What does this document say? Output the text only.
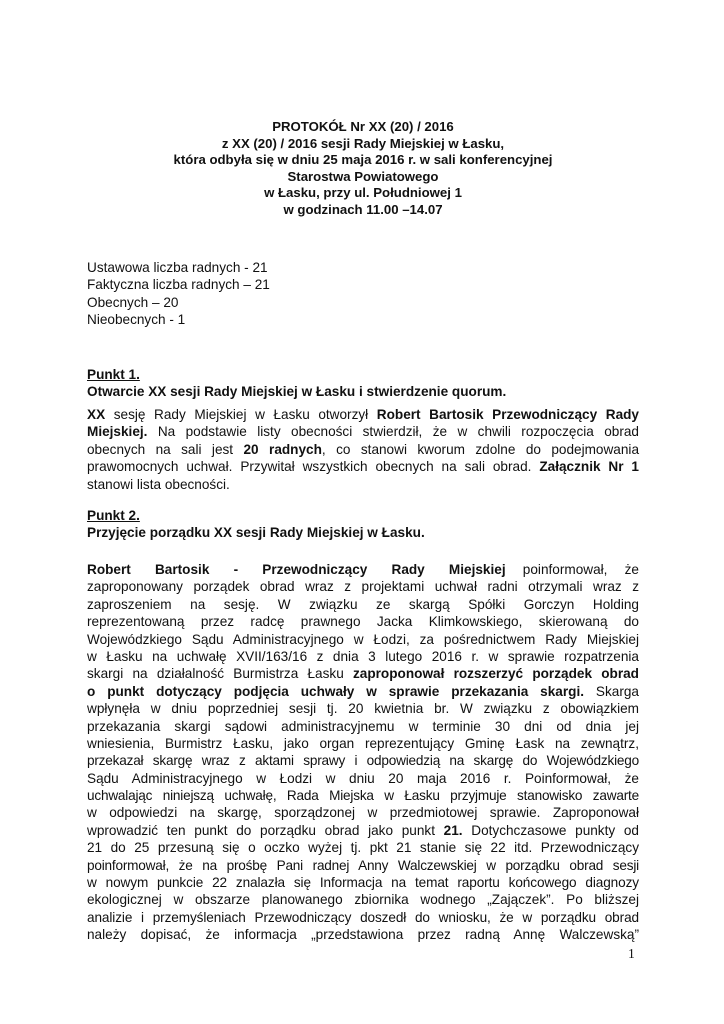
PROTOKÓŁ Nr XX (20) / 2016
z XX (20) / 2016 sesji Rady Miejskiej w Łasku,
która odbyła się w dniu 25 maja 2016 r. w sali konferencyjnej
Starostwa Powiatowego
w Łasku, przy ul. Południowej 1
w godzinach 11.00 –14.07
Ustawowa liczba radnych - 21
Faktyczna liczba radnych – 21
Obecnych – 20
Nieobecnych - 1
Punkt 1.
Otwarcie XX sesji Rady Miejskiej w Łasku i stwierdzenie quorum.
XX sesję Rady Miejskiej w Łasku otworzył Robert Bartosik Przewodniczący Rady
Miejskiej. Na podstawie listy obecności stwierdził, że w chwili rozpoczęcia obrad
obecnych na sali jest 20 radnych, co stanowi kworum zdolne do podejmowania
prawomocnych uchwał. Przywitał wszystkich obecnych na sali obrad. Załącznik Nr 1
stanowi lista obecności.
Punkt 2.
Przyjęcie porządku XX sesji Rady Miejskiej w Łasku.
Robert Bartosik - Przewodniczący Rady Miejskiej poinformował, że
zaproponowany porządek obrad wraz z projektami uchwał radni otrzymali wraz z
zaproszeniem na sesję. W związku ze skargą Spółki Gorczyn Holding
reprezentowaną przez radcę prawnego Jacka Klimkowskiego, skierowaną do
Wojewódzkiego Sądu Administracyjnego w Łodzi, za pośrednictwem Rady Miejskiej
w Łasku na uchwałę XVII/163/16 z dnia 3 lutego 2016 r. w sprawie rozpatrzenia
skargi na działalność Burmistrza Łasku zaproponował rozszerzyć porządek obrad
o punkt dotyczący podjęcia uchwały w sprawie przekazania skargi. Skarga
wpłynęła w dniu poprzedniej sesji tj. 20 kwietnia br. W związku z obowiązkiem
przekazania skargi sądowi administracyjnemu w terminie 30 dni od dnia jej
wniesienia, Burmistrz Łasku, jako organ reprezentujący Gminę Łask na zewnątrz,
przekazał skargę wraz z aktami sprawy i odpowiedzią na skargę do Wojewódzkiego
Sądu Administracyjnego w Łodzi w dniu 20 maja 2016 r. Poinformował, że
uchwalając niniejszą uchwałę, Rada Miejska w Łasku przyjmuje stanowisko zawarte
w odpowiedzi na skargę, sporządzonej w przedmiotowej sprawie. Zaproponował
wprowadzić ten punkt do porządku obrad jako punkt 21. Dotychczasowe punkty od
21 do 25 przesuną się o oczko wyżej tj. pkt 21 stanie się 22 itd. Przewodniczący
poinformował, że na prośbę Pani radnej Anny Walczewskiej w porządku obrad sesji
w nowym punkcie 22 znalazła się Informacja na temat raportu końcowego diagnozy
ekologicznej w obszarze planowanego zbiornika wodnego „Zajączek”. Po bliższej
analizie i przemyśleniach Przewodniczący doszedł do wniosku, że w porządku obrad
należy dopisać, że informacja „przedstawiona przez radną Annę Walczewską”
1
